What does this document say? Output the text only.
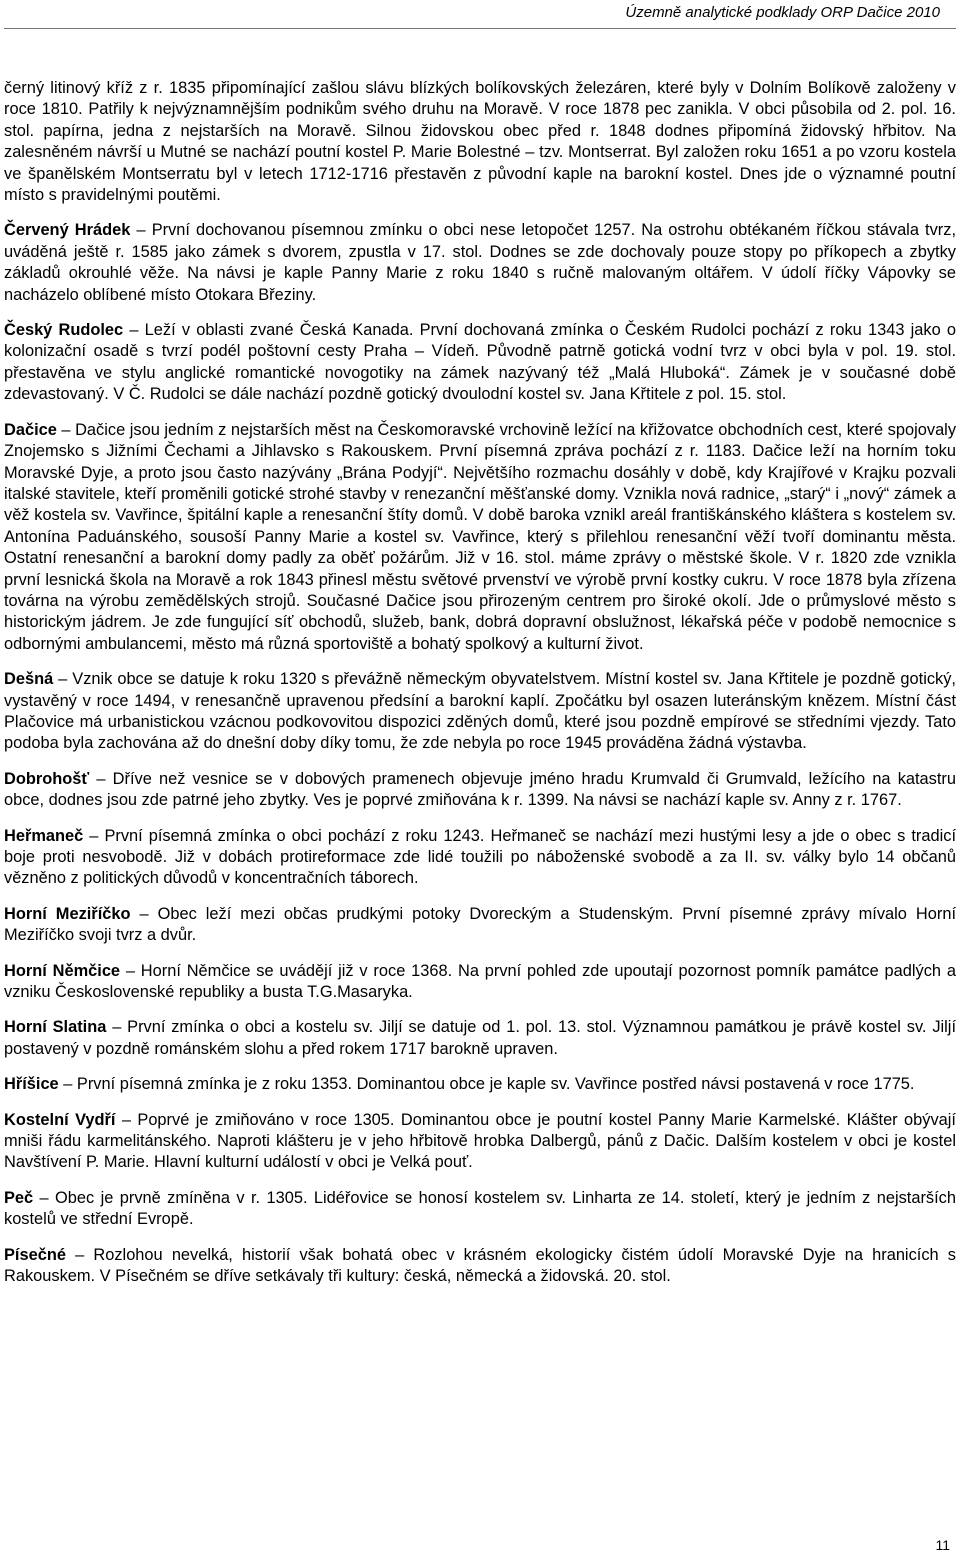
Územně analytické podklady ORP Dačice 2010

černý litinový kříž z r. 1835 připomínající zašlou slávu blízkých bolíkovských železáren, které byly v Dolním Bolíkově založeny v roce 1810. Patřily k nejvýznamnějším podnikům svého druhu na Moravě. V roce 1878 pec zanikla. V obci působila od 2. pol. 16. stol. papírna, jedna z nejstarších na Moravě. Silnou židovskou obec před r. 1848 dodnes připomíná židovský hřbitov. Na zalesněném návrší u Mutné se nachází poutní kostel P. Marie Bolestné – tzv. Montserrat. Byl založen roku 1651 a po vzoru kostela ve španělském Montserratu byl v letech 1712-1716 přestavěn z původní kaple na barokní kostel. Dnes jde o významné poutní místo s pravidelnými poutěmi.

Červený Hrádek – První dochovanou písemnou zmínku o obci nese letopočet 1257. Na ostrohu obtékaném říčkou stávala tvrz, uváděná ještě r. 1585 jako zámek s dvorem, zpustla v 17. stol. Dodnes se zde dochovaly pouze stopy po příkopech a zbytky základů okrouhlé věže. Na návsi je kaple Panny Marie z roku 1840 s ručně malovaným oltářem. V údolí říčky Vápovky se nacházelo oblíbené místo Otokara Březiny.

Český Rudolec – Leží v oblasti zvané Česká Kanada. První dochovaná zmínka o Českém Rudolci pochází z roku 1343 jako o kolonizační osadě s tvrzí podél poštovní cesty Praha – Vídeň. Původně patrně gotická vodní tvrz v obci byla v pol. 19. stol. přestavěna ve stylu anglické romantické novogotiky na zámek nazývaný též „Malá Hluboká“. Zámek je v současné době zdevastovaný. V Č. Rudolci se dále nachází pozdně gotický dvoulodní kostel sv. Jana Křtitele z pol. 15. stol.

Dačice – Dačice jsou jedním z nejstarších měst na Českomoravské vrchovině ležící na křižovatce obchodních cest, které spojovaly Znojemsko s Jižními Čechami a Jihlavsko s Rakouskem. První písemná zpráva pochází z r. 1183. Dačice leží na horním toku Moravské Dyje, a proto jsou často nazývány „Brána Podyjí“. Největšího rozmachu dosáhly v době, kdy Krajířové v Krajku pozvali italské stavitele, kteří proměnili gotické strohé stavby v renezanční měšťanské domy. Vznikla nová radnice, „starý“ i „nový“ zámek a věž kostela sv. Vavřince, špitální kaple a renesanční štíty domů. V době baroka vznikl areál františkánského kláštera s kostelem sv. Antonína Paduánského, sousoší Panny Marie a kostel sv. Vavřince, který s přilehlou renesanční věží tvoří dominantu města. Ostatní renesanční a barokní domy padly za oběť požárům. Již v 16. stol. máme zprávy o městské škole. V r. 1820 zde vznikla první lesnická škola na Moravě a rok 1843 přinesl městu světové prvenství ve výrobě první kostky cukru. V roce 1878 byla zřízena továrna na výrobu zemědělských strojů. Současné Dačice jsou přirozeným centrem pro široké okolí. Jde o průmyslové město s historickým jádrem. Je zde fungující síť obchodů, služeb, bank, dobrá dopravní obslužnost, lékařská péče v podobě nemocnice s odbornými ambulancemi, město má různá sportoviště a bohatý spolkový a kulturní život.

Dešná – Vznik obce se datuje k roku 1320 s převážně německým obyvatelstvem. Místní kostel sv. Jana Křtitele je pozdně gotický, vystavěný v roce 1494, v renesančně upravenou předsíní a barokní kaplí. Zpočátku byl osazen luteránským knězem. Místní část Plačovice má urbanistickou vzácnou podkovovitou dispozici zděných domů, které jsou pozdně empírové se středními vjezdy. Tato podoba byla zachována až do dnešní doby díky tomu, že zde nebyla po roce 1945 prováděna žádná výstavba.

Dobrohošť – Dříve než vesnice se v dobových pramenech objevuje jméno hradu Krumvald či Grumvald, ležícího na katastru obce, dodnes jsou zde patrné jeho zbytky. Ves je poprvé zmiňována k r. 1399. Na návsi se nachází kaple sv. Anny z r. 1767.

Heřmaneč – První písemná zmínka o obci pochází z roku 1243. Heřmaneč se nachází mezi hustými lesy a jde o obec s tradicí boje proti nesvobodě. Již v dobách protireformace zde lidé toužili po náboženské svobodě a za II. sv. války bylo 14 občanů vězněno z politických důvodů v koncentračních táborech.

Horní Meziříčko – Obec leží mezi občas prudkými potoky Dvoreckým a Studenským. První písemné zprávy mívalo Horní Meziříčko svoji tvrz a dvůr.

Horní Němčice – Horní Němčice se uvádějí již v roce 1368. Na první pohled zde upoutají pozornost pomník památce padlých a vzniku Československé republiky a busta T.G.Masaryka.

Horní Slatina – První zmínka o obci a kostelu sv. Jiljí se datuje od 1. pol. 13. stol. Významnou památkou je právě kostel sv. Jiljí postavený v pozdně románském slohu a před rokem 1717 barokně upraven.

Hříšice – První písemná zmínka je z roku 1353. Dominantou obce je kaple sv. Vavřince postřed návsi postavená v roce 1775.

Kostelní Vydří – Poprvé je zmiňováno v roce 1305. Dominantou obce je poutní kostel Panny Marie Karmelské. Klášter obývají mniši řádu karmelitánského. Naproti klášteru je v jeho hřbitově hrobka Dalbergů, pánů z Dačic. Dalším kostelem v obci je kostel Navštívení P. Marie. Hlavní kulturní událostí v obci je Velká pouť.

Peč – Obec je prvně zmíněna v r. 1305. Lidéřovice se honosí kostelem sv. Linharta ze 14. století, který je jedním z nejstarších kostelů ve střední Evropě.

Písečné – Rozlohou nevelká, historií však bohatá obec v krásném ekologicky čistém údolí Moravské Dyje na hranicích s Rakouskem. V Písečném se dříve setkávaly tři kultury: česká, německá a židovská. 20. stol.

11
